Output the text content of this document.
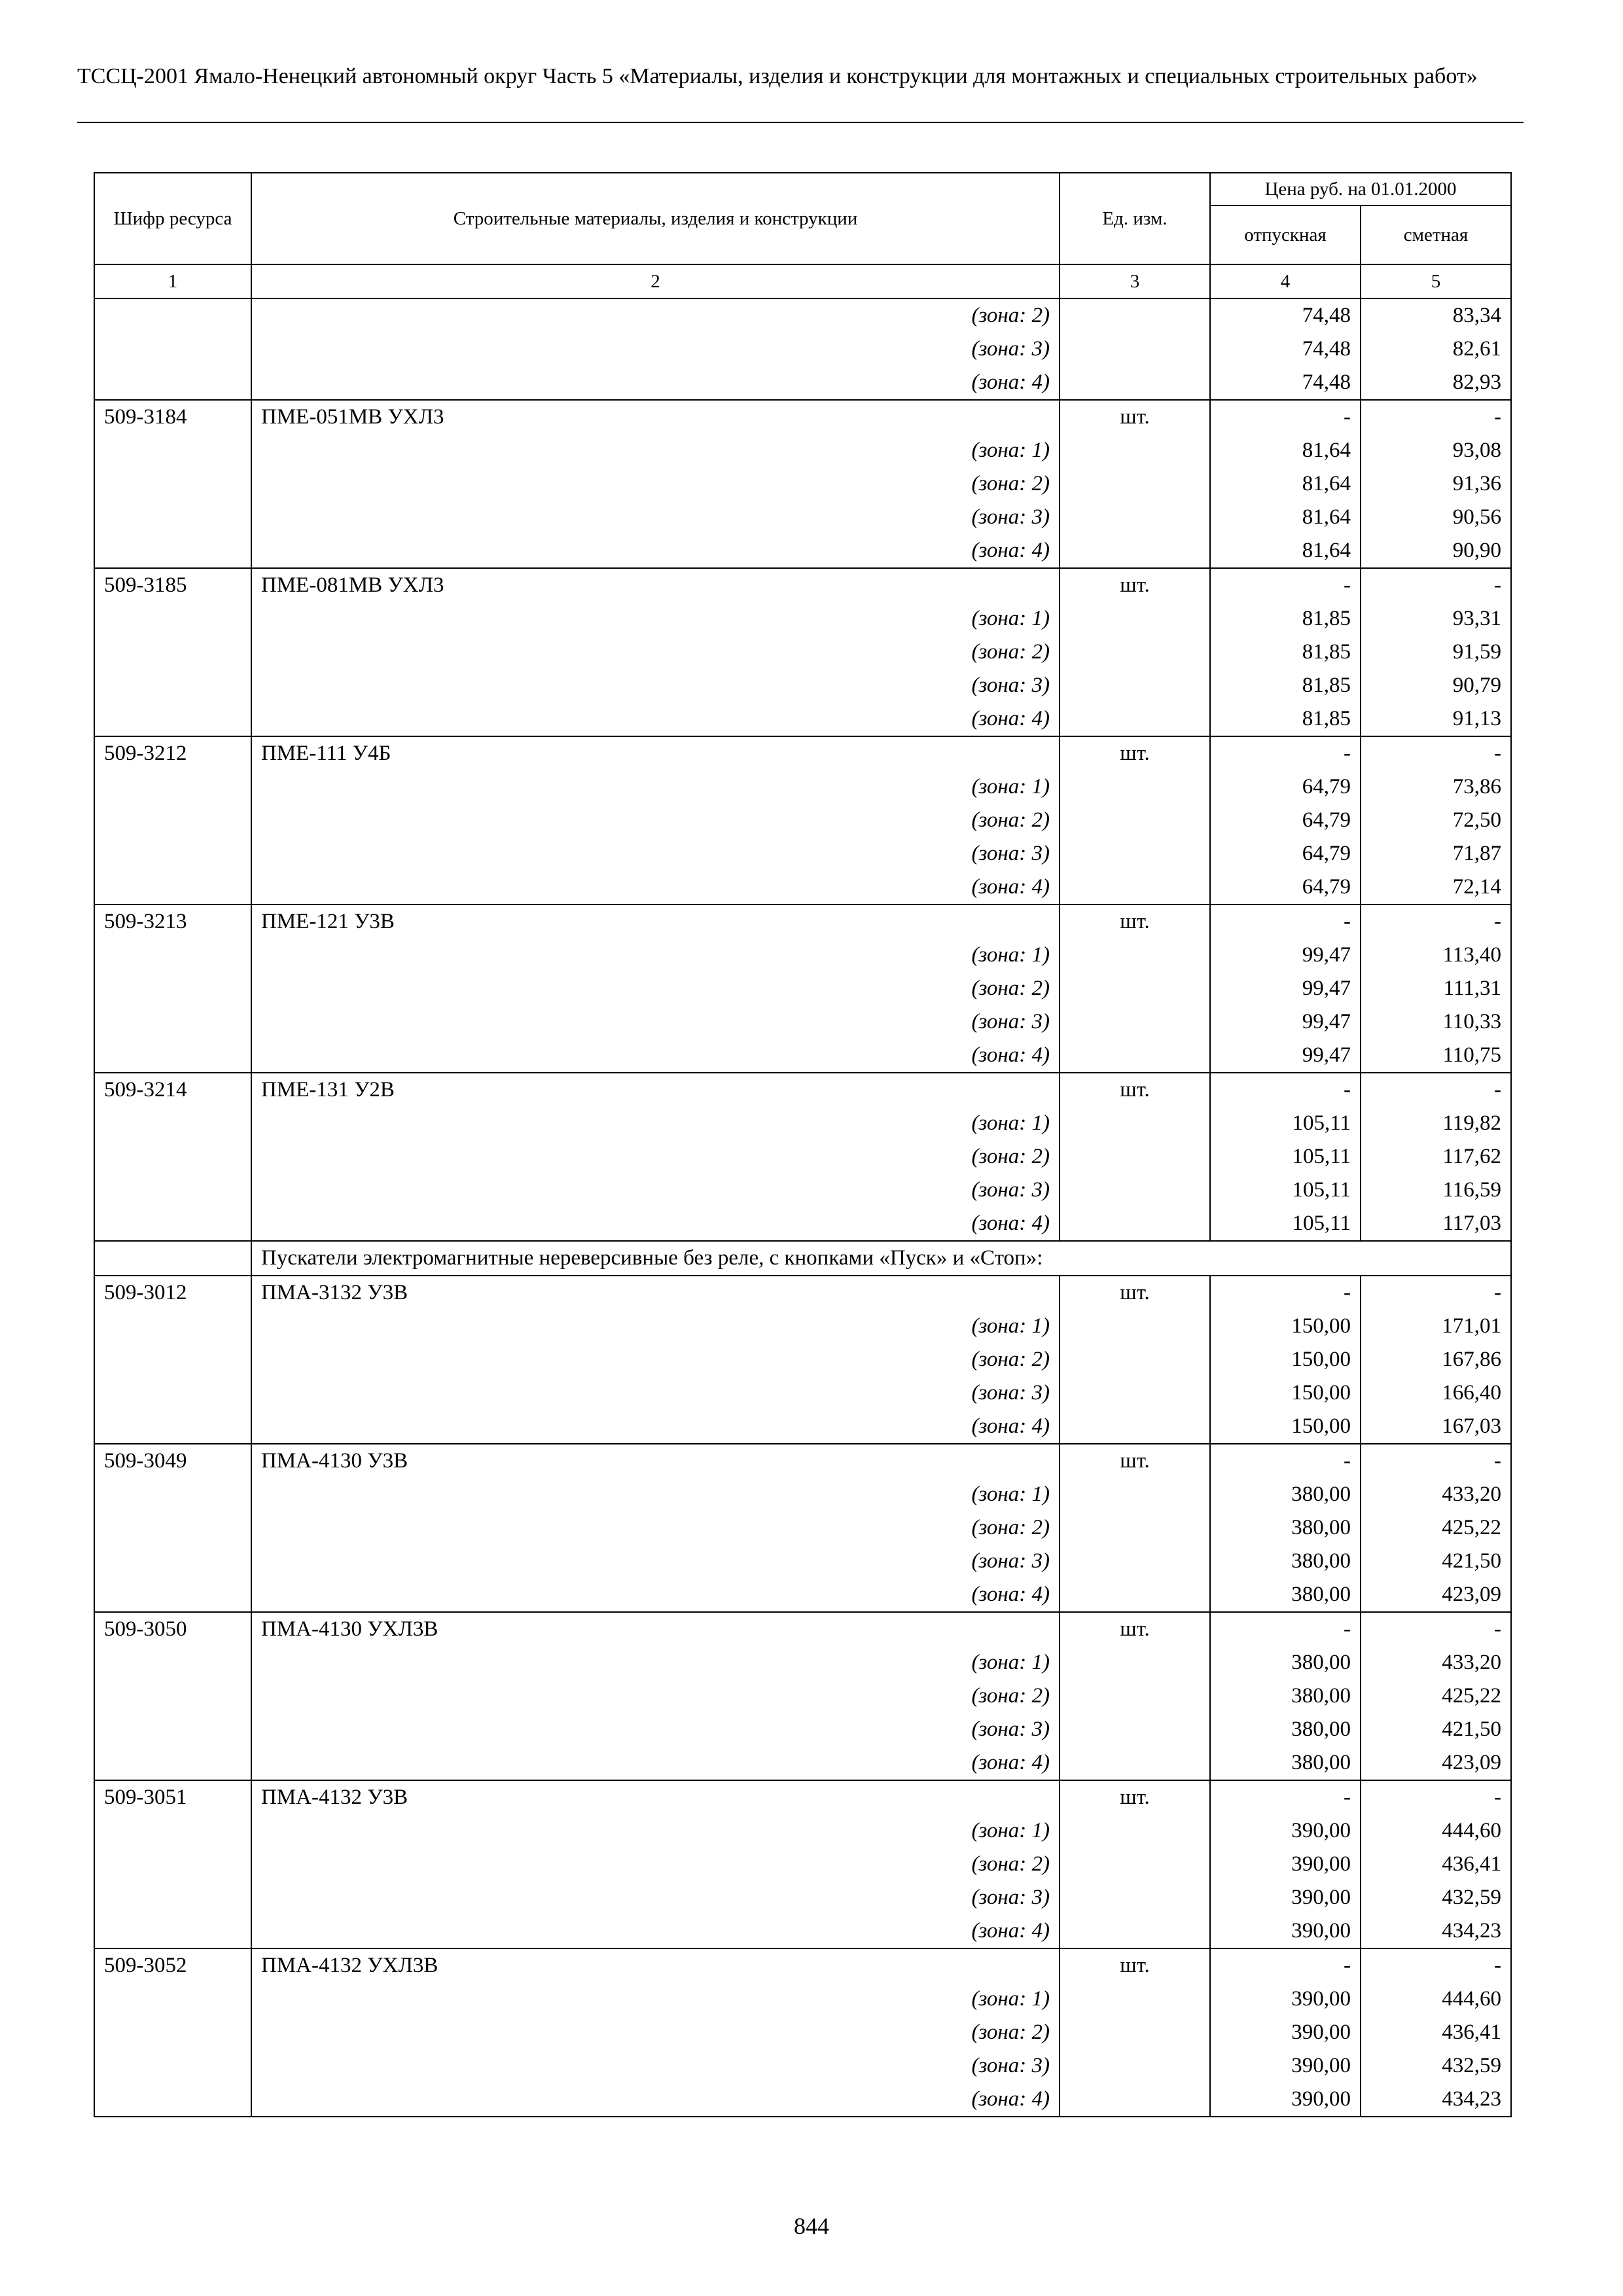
ТССЦ-2001 Ямало-Ненецкий автономный округ Часть 5 «Материалы, изделия и конструкции для монтажных и специальных строительных работ»
Шифр ресурса	Строительные материалы, изделия и конструкции	Ед. изм.	Цена руб. на 01.01.2000	
			отпускная	сметная
1	2	3	4	5
	(зона: 2)		74,48	83,34
	(зона: 3)		74,48	82,61
	(зона: 4)		74,48	82,93
509-3184	ПМЕ-051МВ УХЛ3	шт.	-	-
	(зона: 1)		81,64	93,08
	(зона: 2)		81,64	91,36
	(зона: 3)		81,64	90,56
	(зона: 4)		81,64	90,90
509-3185	ПМЕ-081МВ УХЛ3	шт.	-	-
	(зона: 1)		81,85	93,31
	(зона: 2)		81,85	91,59
	(зона: 3)		81,85	90,79
	(зона: 4)		81,85	91,13
509-3212	ПМЕ-111 У4Б	шт.	-	-
	(зона: 1)		64,79	73,86
	(зона: 2)		64,79	72,50
	(зона: 3)		64,79	71,87
	(зона: 4)		64,79	72,14
509-3213	ПМЕ-121 У3В	шт.	-	-
	(зона: 1)		99,47	113,40
	(зона: 2)		99,47	111,31
	(зона: 3)		99,47	110,33
	(зона: 4)		99,47	110,75
509-3214	ПМЕ-131 У2В	шт.	-	-
	(зона: 1)		105,11	119,82
	(зона: 2)		105,11	117,62
	(зона: 3)		105,11	116,59
	(зона: 4)		105,11	117,03
	Пускатели электромагнитные нереверсивные без реле, с кнопками «Пуск» и «Стоп»:			
509-3012	ПМА-3132 У3В	шт.	-	-
	(зона: 1)		150,00	171,01
	(зона: 2)		150,00	167,86
	(зона: 3)		150,00	166,40
	(зона: 4)		150,00	167,03
509-3049	ПМА-4130 У3В	шт.	-	-
	(зона: 1)		380,00	433,20
	(зона: 2)		380,00	425,22
	(зона: 3)		380,00	421,50
	(зона: 4)		380,00	423,09
509-3050	ПМА-4130 УХЛ3В	шт.	-	-
	(зона: 1)		380,00	433,20
	(зона: 2)		380,00	425,22
	(зона: 3)		380,00	421,50
	(зона: 4)		380,00	423,09
509-3051	ПМА-4132 У3В	шт.	-	-
	(зона: 1)		390,00	444,60
	(зона: 2)		390,00	436,41
	(зона: 3)		390,00	432,59
	(зона: 4)		390,00	434,23
509-3052	ПМА-4132 УХЛ3В	шт.	-	-
	(зона: 1)		390,00	444,60
	(зона: 2)		390,00	436,41
	(зона: 3)		390,00	432,59
	(зона: 4)		390,00	434,23
844
